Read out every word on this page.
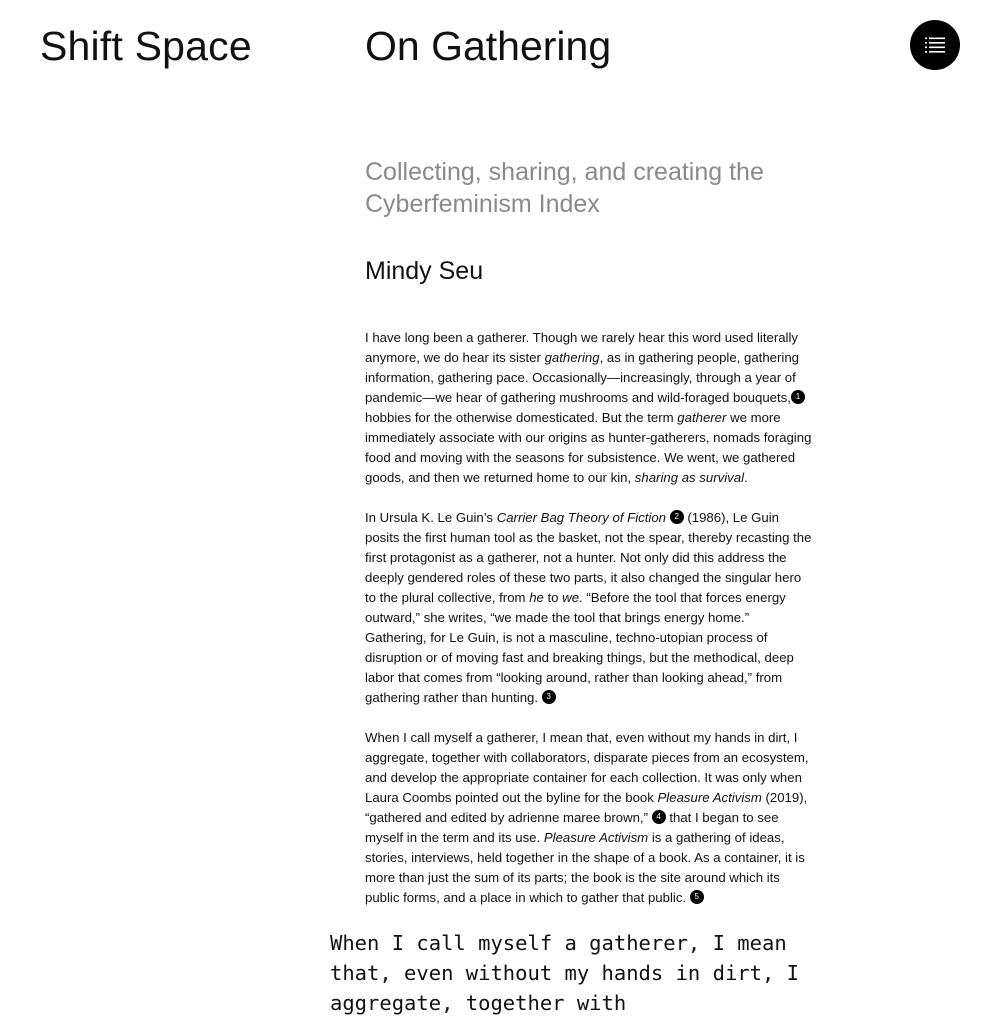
Shift Space	On Gathering
Collecting, sharing, and creating the Cyberfeminism Index
Mindy Seu

I have long been a gatherer. Though we rarely hear this word used literally anymore, we do hear its sister gathering, as in gathering people, gathering information, gathering pace. Occasionally—increasingly, through a year of pandemic—we hear of gathering mushrooms and wild-foraged bouquets, 1 hobbies for the otherwise domesticated. But the term gatherer we more immediately associate with our origins as hunter-gatherers, nomads foraging food and moving with the seasons for subsistence. We went, we gathered goods, and then we returned home to our kin, sharing as survival.

In Ursula K. Le Guin’s Carrier Bag Theory of Fiction 2 (1986), Le Guin posits the first human tool as the basket, not the spear, thereby recasting the first protagonist as a gatherer, not a hunter. Not only did this address the deeply gendered roles of these two parts, it also changed the singular hero to the plural collective, from he to we. “Before the tool that forces energy outward,” she writes, “we made the tool that brings energy home.” Gathering, for Le Guin, is not a masculine, techno-utopian process of disruption or of moving fast and breaking things, but the methodical, deep labor that comes from “looking around, rather than looking ahead,” from gathering rather than hunting. 3

When I call myself a gatherer, I mean that, even without my hands in dirt, I aggregate, together with collaborators, disparate pieces from an ecosystem, and develop the appropriate container for each collection. It was only when Laura Coombs pointed out the byline for the book Pleasure Activism (2019), “gathered and edited by adrienne maree brown,” 4 that I began to see myself in the term and its use. Pleasure Activism is a gathering of ideas, stories, interviews, held together in the shape of a book. As a container, it is more than just the sum of its parts; the book is the site around which its public forms, and a place in which to gather that public. 5

When I call myself a gatherer, I mean that, even without my hands in dirt, I aggregate, together with
